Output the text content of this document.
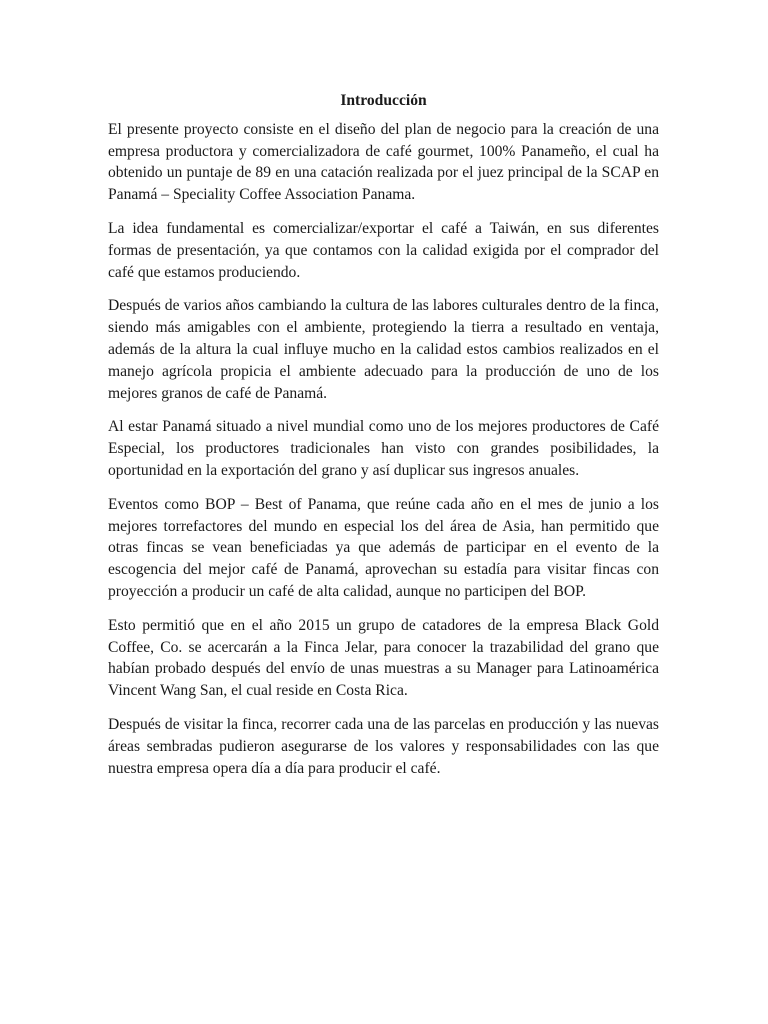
Introducción

El presente proyecto consiste en el diseño del plan de negocio para la creación de una empresa productora y comercializadora de café gourmet, 100% Panameño, el cual ha obtenido un puntaje de 89 en una catación realizada por el juez principal de la SCAP en Panamá – Speciality Coffee Association Panama.

La idea fundamental es comercializar/exportar el café a Taiwán, en sus diferentes formas de presentación, ya que contamos con la calidad exigida por el comprador del café que estamos produciendo.

Después de varios años cambiando la cultura de las labores culturales dentro de la finca, siendo más amigables con el ambiente, protegiendo la tierra a resultado en ventaja, además de la altura la cual influye mucho en la calidad estos cambios realizados en el manejo agrícola propicia el ambiente adecuado para la producción de uno de los mejores granos de café de Panamá.

Al estar Panamá situado a nivel mundial como uno de los mejores productores de Café Especial, los productores tradicionales han visto con grandes posibilidades, la oportunidad en la exportación del grano y así duplicar sus ingresos anuales.

Eventos como BOP – Best of Panama, que reúne cada año en el mes de junio a los mejores torrefactores del mundo en especial los del área de Asia, han permitido que otras fincas se vean beneficiadas ya que además de participar en el evento de la escogencia del mejor café de Panamá, aprovechan su estadía para visitar fincas con proyección a producir un café de alta calidad, aunque no participen del BOP.

Esto permitió que en el año 2015 un grupo de catadores de la empresa Black Gold Coffee, Co. se acercarán a la Finca Jelar, para conocer la trazabilidad del grano que habían probado después del envío de unas muestras a su Manager para Latinoamérica Vincent Wang San, el cual reside en Costa Rica.

Después de visitar la finca, recorrer cada una de las parcelas en producción y las nuevas áreas sembradas pudieron asegurarse de los valores y responsabilidades con las que nuestra empresa opera día a día para producir el café.
